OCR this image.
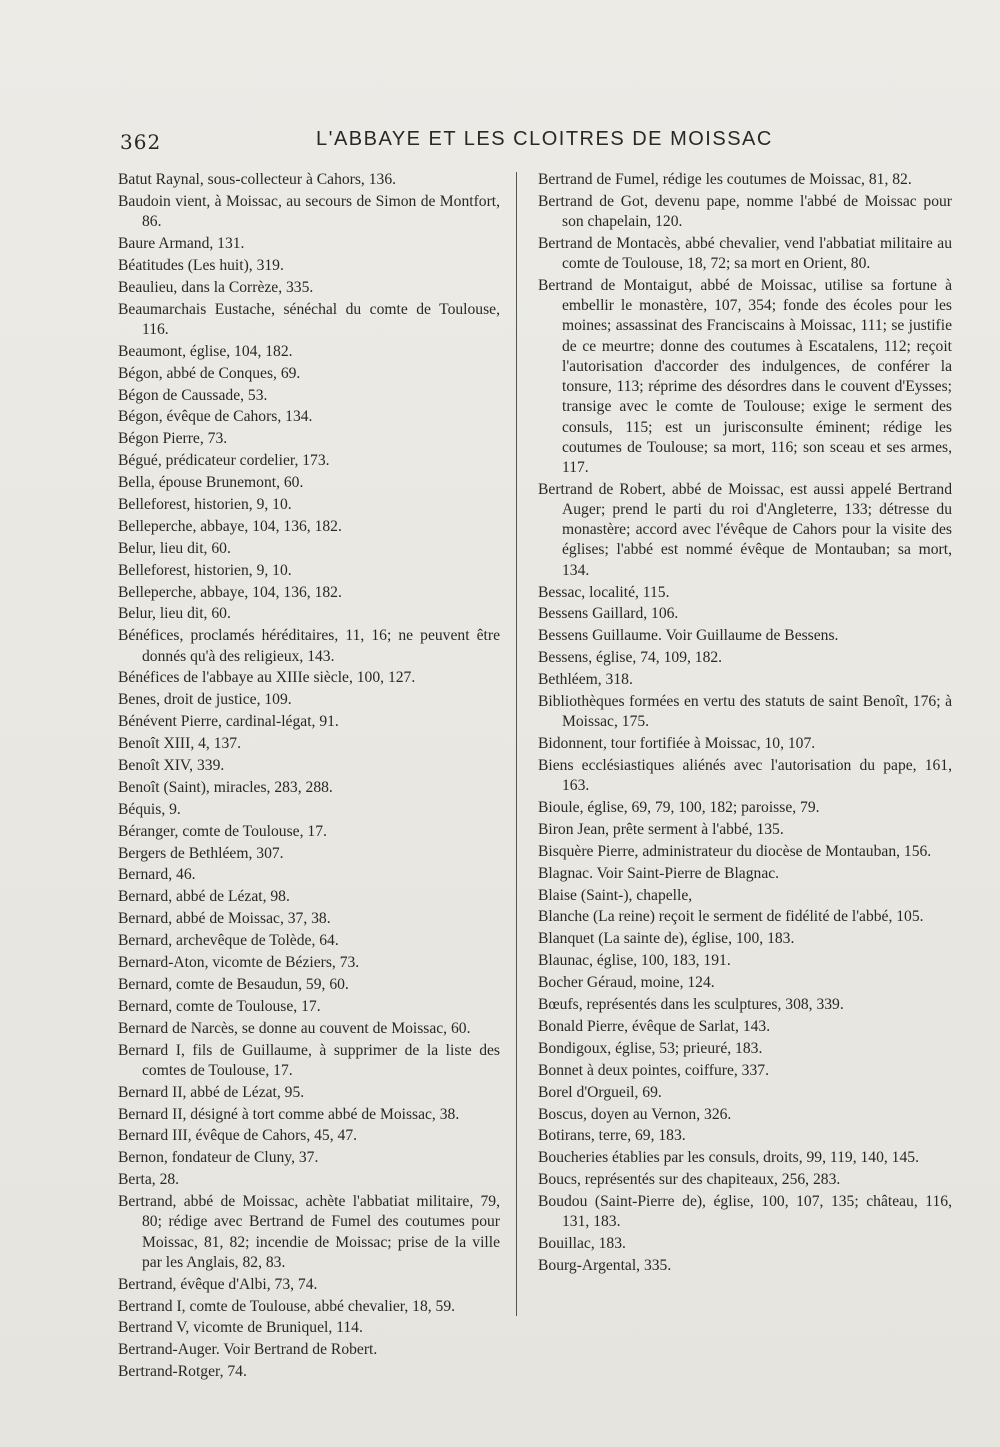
362	L'ABBAYE ET LES CLOITRES DE MOISSAC

Batut Raynal, sous-collecteur à Cahors, 136.

Baudoin vient, à Moissac, au secours de Simon de Montfort, 86.

Baure Armand, 131.

Béatitudes (Les huit), 319.

Beaulieu, dans la Corrèze, 335.

Beaumarchais Eustache, sénéchal du comte de Toulouse, 116.

Beaumont, église, 104, 182.

Bégon, abbé de Conques, 69.

Bégon de Caussade, 53.

Bégon, évêque de Cahors, 134.

Bégon Pierre, 73.

Bégué, prédicateur cordelier, 173.

Bella, épouse Brunemont, 60.

Belleforest, historien, 9, 10.

Belleperche, abbaye, 104, 136, 182.

Belur, lieu dit, 60.

Belleforest, historien, 9, 10.

Belleperche, abbaye, 104, 136, 182.

Belur, lieu dit, 60.

Bénéfices, proclamés héréditaires, 11, 16; ne peuvent être donnés qu'à des religieux, 143.

Bénéfices de l'abbaye au XIIIe siècle, 100, 127.

Benes, droit de justice, 109.

Bénévent Pierre, cardinal-légat, 91.

Benoît XIII, 4, 137.

Benoît XIV, 339.

Benoît (Saint), miracles, 283, 288.

Béquis, 9.

Béranger, comte de Toulouse, 17.

Bergers de Bethléem, 307.

Bernard, 46.

Bernard, abbé de Lézat, 98.

Bernard, abbé de Moissac, 37, 38.

Bernard, archevêque de Tolède, 64.

Bernard-Aton, vicomte de Béziers, 73.

Bernard, comte de Besaudun, 59, 60.

Bernard, comte de Toulouse, 17.

Bernard de Narcès, se donne au couvent de Moissac, 60.

Bernard I, fils de Guillaume, à supprimer de la liste des comtes de Toulouse, 17.

Bernard II, abbé de Lézat, 95.

Bernard II, désigné à tort comme abbé de Moissac, 38.

Bernard III, évêque de Cahors, 45, 47.

Bernon, fondateur de Cluny, 37.

Berta, 28.

Bertrand, abbé de Moissac, achète l'abbatiat militaire, 79, 80; rédige avec Bertrand de Fumel des coutumes pour Moissac, 81, 82; incendie de Moissac; prise de la ville par les Anglais, 82, 83.

Bertrand, évêque d'Albi, 73, 74.

Bertrand I, comte de Toulouse, abbé chevalier, 18, 59.

Bertrand V, vicomte de Bruniquel, 114.

Bertrand-Auger. Voir Bertrand de Robert.

Bertrand-Rotger, 74.

Bertrand de Fumel, rédige les coutumes de Moissac, 81, 82.

Bertrand de Got, devenu pape, nomme l'abbé de Moissac pour son chapelain, 120.

Bertrand de Montacès, abbé chevalier, vend l'abbatiat militaire au comte de Toulouse, 18, 72; sa mort en Orient, 80.

Bertrand de Montaigut, abbé de Moissac, utilise sa fortune à embellir le monastère, 107, 354; fonde des écoles pour les moines; assassinat des Franciscains à Moissac, 111; se justifie de ce meurtre; donne des coutumes à Escatalens, 112; reçoit l'autorisation d'accorder des indulgences, de conférer la tonsure, 113; réprime des désordres dans le couvent d'Eysses; transige avec le comte de Toulouse; exige le serment des consuls, 115; est un jurisconsulte éminent; rédige les coutumes de Toulouse; sa mort, 116; son sceau et ses armes, 117.

Bertrand de Robert, abbé de Moissac, est aussi appelé Bertrand Auger; prend le parti du roi d'Angleterre, 133; détresse du monastère; accord avec l'évêque de Cahors pour la visite des églises; l'abbé est nommé évêque de Montauban; sa mort, 134.

Bessac, localité, 115.

Bessens Gaillard, 106.

Bessens Guillaume. Voir Guillaume de Bessens.

Bessens, église, 74, 109, 182.

Bethléem, 318.

Bibliothèques formées en vertu des statuts de saint Benoît, 176; à Moissac, 175.

Bidonnent, tour fortifiée à Moissac, 10, 107.

Biens ecclésiastiques aliénés avec l'autorisation du pape, 161, 163.

Bioule, église, 69, 79, 100, 182; paroisse, 79.

Biron Jean, prête serment à l'abbé, 135.

Bisquère Pierre, administrateur du diocèse de Montauban, 156.

Blagnac. Voir Saint-Pierre de Blagnac.

Blaise (Saint-), chapelle,

Blanche (La reine) reçoit le serment de fidélité de l'abbé, 105.

Blanquet (La sainte de), église, 100, 183.

Blaunac, église, 100, 183, 191.

Bocher Géraud, moine, 124.

Bœufs, représentés dans les sculptures, 308, 339.

Bonald Pierre, évêque de Sarlat, 143.

Bondigoux, église, 53; prieuré, 183.

Bonnet à deux pointes, coiffure, 337.

Borel d'Orgueil, 69.

Boscus, doyen au Vernon, 326.

Botirans, terre, 69, 183.

Boucheries établies par les consuls, droits, 99, 119, 140, 145.

Boucs, représentés sur des chapiteaux, 256, 283.

Boudou (Saint-Pierre de), église, 100, 107, 135; château, 116, 131, 183.

Bouillac, 183.

Bourg-Argental, 335.
